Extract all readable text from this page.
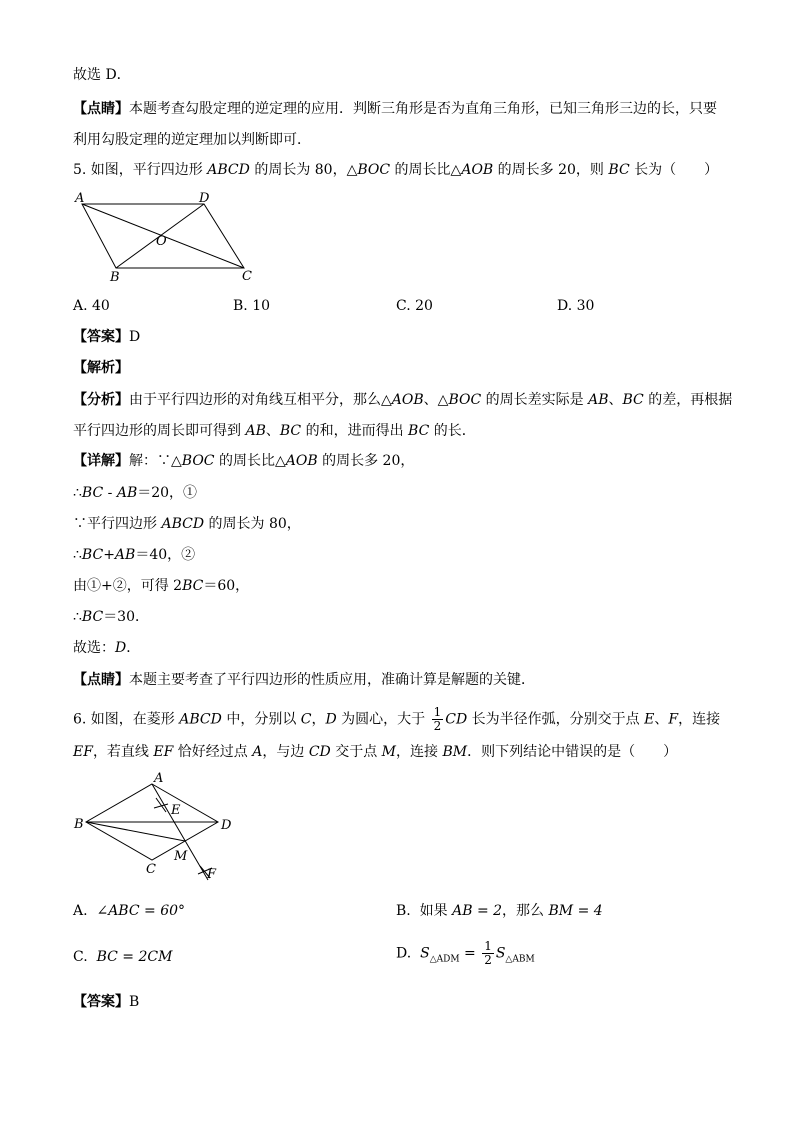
故选 D．
【点睛】本题考查勾股定理的逆定理的应用．判断三角形是否为直角三角形，已知三角形三边的长，只要
利用勾股定理的逆定理加以判断即可．
5. 如图，平行四边形 ABCD 的周长为 80，△BOC 的周长比△AOB 的周长多 20，则 BC 长为（　　）
A	D
O
B	C
A. 40	B. 10	C. 20	D. 30
【答案】D
【解析】
【分析】由于平行四边形的对角线互相平分，那么△AOB、△BOC 的周长差实际是 AB、BC 的差，再根据
平行四边形的周长即可得到 AB、BC 的和，进而得出 BC 的长．
【详解】解：∵△BOC 的周长比△AOB 的周长多 20，
∴BC - AB＝20，①
∵平行四边形 ABCD 的周长为 80，
∴BC+AB＝40，②
由①+②，可得 2BC＝60，
∴BC＝30．
故选：D．
【点睛】本题主要考查了平行四边形的性质应用，准确计算是解题的关键．
6. 如图，在菱形 ABCD 中，分别以 C，D 为圆心，大于 $\frac{1}{2}$ CD 长为半径作弧，分别交于点 E、F，连接
EF，若直线 EF 恰好经过点 A，与边 CD 交于点 M，连接 BM．则下列结论中错误的是（　　）
A
E
B	D
M
C	F
A. ∠ABC = 60°	B. 如果 AB = 2，那么 BM = 4
C. BC = 2CM	D. $S_{\triangle ADM} = \frac{1}{2} S_{\triangle ABM}$
【答案】B
